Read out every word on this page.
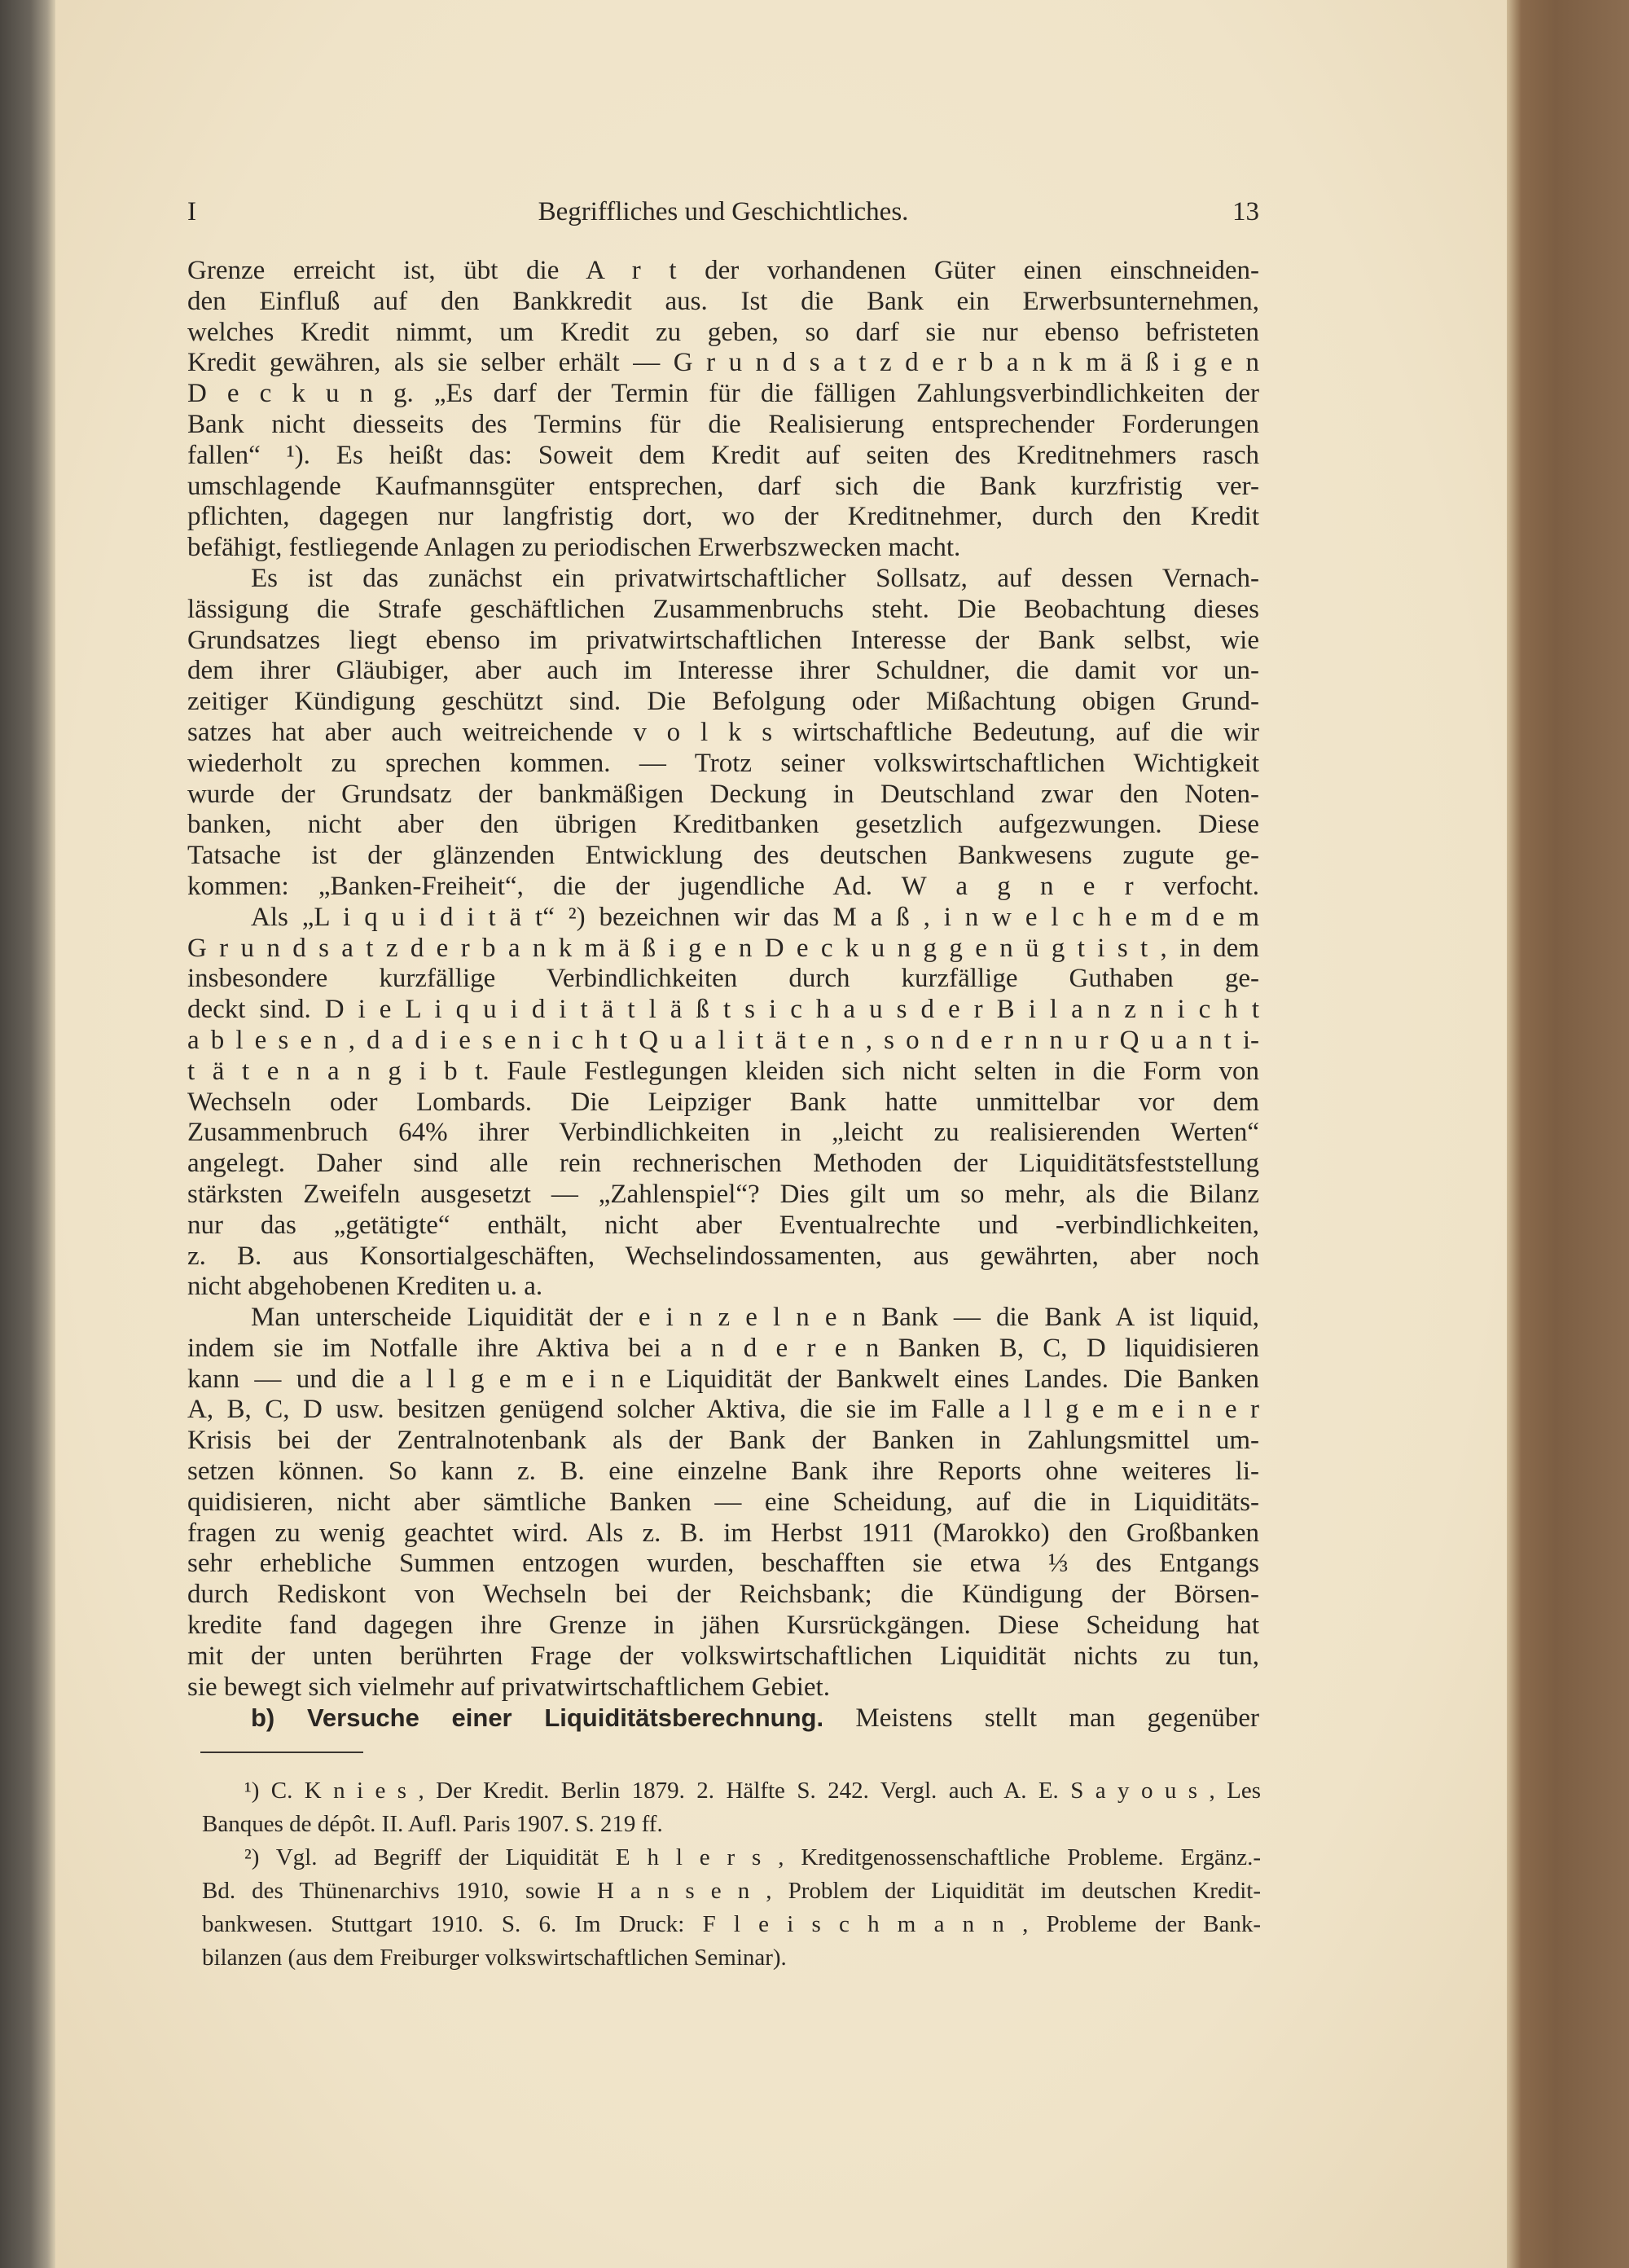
I	Begriffliches und Geschichtliches.	13
Grenze erreicht ist, übt die A r t der vorhandenen Güter einen einschneiden-
den Einfluß auf den Bankkredit aus. Ist die Bank ein Erwerbsunternehmen,
welches Kredit nimmt, um Kredit zu geben, so darf sie nur ebenso befristeten
Kredit gewähren, als sie selber erhält — G r u n d s a t z d e r b a n k m ä ß i g e n
D e c k u n g. „Es darf der Termin für die fälligen Zahlungsverbindlichkeiten der
Bank nicht diesseits des Termins für die Realisierung entsprechender Forderungen
fallen“ ¹). Es heißt das: Soweit dem Kredit auf seiten des Kreditnehmers rasch
umschlagende Kaufmannsgüter entsprechen, darf sich die Bank kurzfristig ver-
pflichten, dagegen nur langfristig dort, wo der Kreditnehmer, durch den Kredit
befähigt, festliegende Anlagen zu periodischen Erwerbszwecken macht.
Es ist das zunächst ein privatwirtschaftlicher Sollsatz, auf dessen Vernach-
lässigung die Strafe geschäftlichen Zusammenbruchs steht. Die Beobachtung dieses
Grundsatzes liegt ebenso im privatwirtschaftlichen Interesse der Bank selbst, wie
dem ihrer Gläubiger, aber auch im Interesse ihrer Schuldner, die damit vor un-
zeitiger Kündigung geschützt sind. Die Befolgung oder Mißachtung obigen Grund-
satzes hat aber auch weitreichende v o l k s wirtschaftliche Bedeutung, auf die wir
wiederholt zu sprechen kommen. — Trotz seiner volkswirtschaftlichen Wichtigkeit
wurde der Grundsatz der bankmäßigen Deckung in Deutschland zwar den Noten-
banken, nicht aber den übrigen Kreditbanken gesetzlich aufgezwungen. Diese
Tatsache ist der glänzenden Entwicklung des deutschen Bankwesens zugute ge-
kommen: „Banken-Freiheit“, die der jugendliche Ad. W a g n e r verfocht.
Als „L i q u i d i t ä t“ ²) bezeichnen wir das M a ß , i n w e l c h e m d e m
G r u n d s a t z d e r b a n k m ä ß i g e n D e c k u n g g e n ü g t i s t , in dem
insbesondere kurzfällige Verbindlichkeiten durch kurzfällige Guthaben ge-
deckt sind. D i e L i q u i d i t ä t l ä ß t s i c h a u s d e r B i l a n z n i c h t
a b l e s e n , d a d i e s e n i c h t Q u a l i t ä t e n , s o n d e r n n u r Q u a n t i-
t ä t e n a n g i b t. Faule Festlegungen kleiden sich nicht selten in die Form von
Wechseln oder Lombards. Die Leipziger Bank hatte unmittelbar vor dem
Zusammenbruch 64% ihrer Verbindlichkeiten in „leicht zu realisierenden Werten“
angelegt. Daher sind alle rein rechnerischen Methoden der Liquiditätsfeststellung
stärksten Zweifeln ausgesetzt — „Zahlenspiel“? Dies gilt um so mehr, als die Bilanz
nur das „getätigte“ enthält, nicht aber Eventualrechte und -verbindlichkeiten,
z. B. aus Konsortialgeschäften, Wechselindossamenten, aus gewährten, aber noch
nicht abgehobenen Krediten u. a.
Man unterscheide Liquidität der e i n z e l n e n Bank — die Bank A ist liquid,
indem sie im Notfalle ihre Aktiva bei a n d e r e n Banken B, C, D liquidisieren
kann — und die a l l g e m e i n e Liquidität der Bankwelt eines Landes. Die Banken
A, B, C, D usw. besitzen genügend solcher Aktiva, die sie im Falle a l l g e m e i n e r
Krisis bei der Zentralnotenbank als der Bank der Banken in Zahlungsmittel um-
setzen können. So kann z. B. eine einzelne Bank ihre Reports ohne weiteres li-
quidisieren, nicht aber sämtliche Banken — eine Scheidung, auf die in Liquiditäts-
fragen zu wenig geachtet wird. Als z. B. im Herbst 1911 (Marokko) den Großbanken
sehr erhebliche Summen entzogen wurden, beschafften sie etwa ⅓ des Entgangs
durch Rediskont von Wechseln bei der Reichsbank; die Kündigung der Börsen-
kredite fand dagegen ihre Grenze in jähen Kursrückgängen. Diese Scheidung hat
mit der unten berührten Frage der volkswirtschaftlichen Liquidität nichts zu tun,
sie bewegt sich vielmehr auf privatwirtschaftlichem Gebiet.
b) Versuche einer Liquiditätsberechnung. Meistens stellt man gegenüber
¹) C. K n i e s , Der Kredit. Berlin 1879. 2. Hälfte S. 242. Vergl. auch A. E. S a y o u s , Les
Banques de dépôt. II. Aufl. Paris 1907. S. 219 ff.
²) Vgl. ad Begriff der Liquidität E h l e r s , Kreditgenossenschaftliche Probleme. Ergänz.-
Bd. des Thünenarchivs 1910, sowie H a n s e n , Problem der Liquidität im deutschen Kredit-
bankwesen. Stuttgart 1910. S. 6. Im Druck: F l e i s c h m a n n , Probleme der Bank-
bilanzen (aus dem Freiburger volkswirtschaftlichen Seminar).
